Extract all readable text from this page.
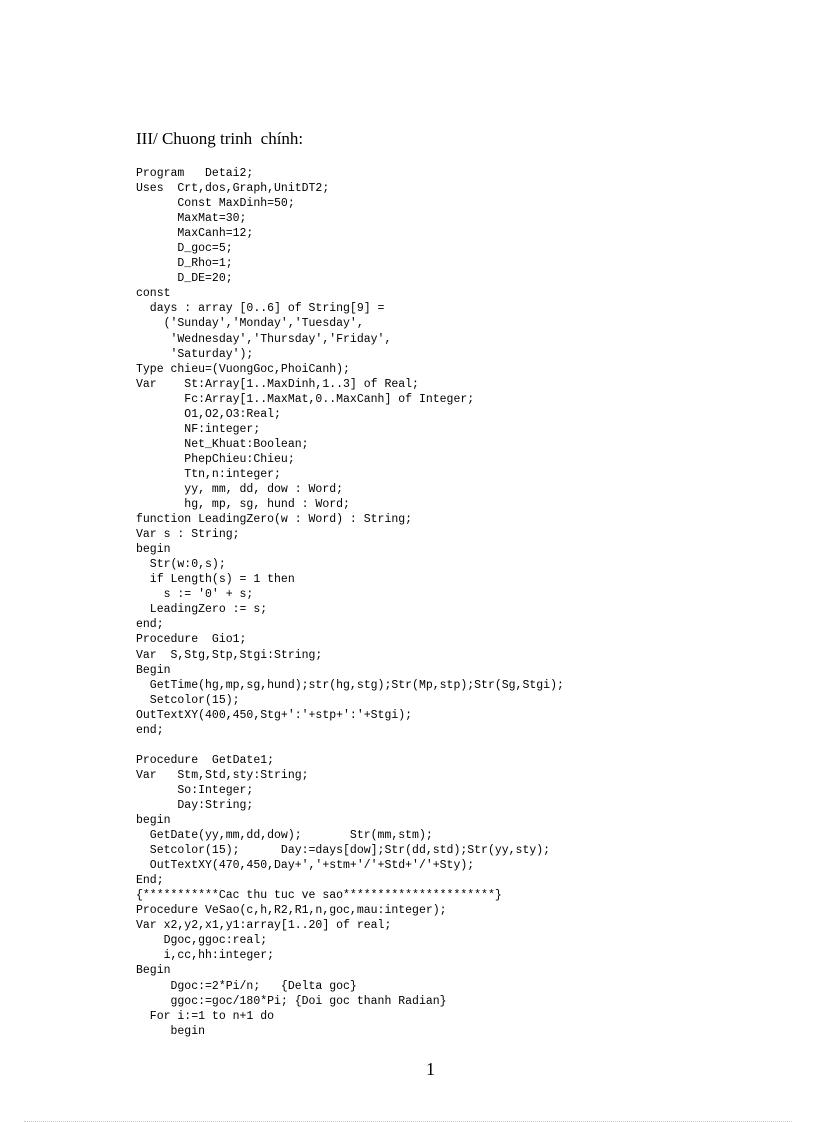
III/ Chuong trinh  chính:
Program   Detai2;
Uses  Crt,dos,Graph,UnitDT2;
Const MaxDinh=50;
MaxMat=30;
MaxCanh=12;
D_goc=5;
D_Rho=1;
D_DE=20;
const
days : array [0..6] of String[9] =
('Sunday','Monday','Tuesday',
'Wednesday','Thursday','Friday',
'Saturday');
Type chieu=(VuongGoc,PhoiCanh);
Var    St:Array[1..MaxDinh,1..3] of Real;
Fc:Array[1..MaxMat,0..MaxCanh] of Integer;
O1,O2,O3:Real;
NF:integer;
Net_Khuat:Boolean;
PhepChieu:Chieu;
Ttn,n:integer;
yy, mm, dd, dow : Word;
hg, mp, sg, hund : Word;
function LeadingZero(w : Word) : String;
Var s : String;
begin
Str(w:0,s);
if Length(s) = 1 then
s := '0' + s;
LeadingZero := s;
end;
Procedure  Gio1;
Var  S,Stg,Stp,Stgi:String;
Begin
GetTime(hg,mp,sg,hund);str(hg,stg);Str(Mp,stp);Str(Sg,Stgi);
Setcolor(15);
OutTextXY(400,450,Stg+':'+stp+':'+Stgi);
end;
Procedure  GetDate1;
Var   Stm,Std,sty:String;
So:Integer;
Day:String;
begin
GetDate(yy,mm,dd,dow);       Str(mm,stm);
Setcolor(15);      Day:=days[dow];Str(dd,std);Str(yy,sty);
OutTextXY(470,450,Day+','+stm+'/'+Std+'/'+Sty);
End;
{***********Cac thu tuc ve sao**********************}
Procedure VeSao(c,h,R2,R1,n,goc,mau:integer);
Var x2,y2,x1,y1:array[1..20] of real;
Dgoc,ggoc:real;
i,cc,hh:integer;
Begin
Dgoc:=2*Pi/n;   {Delta goc}
ggoc:=goc/180*Pi; {Doi goc thanh Radian}
For i:=1 to n+1 do
begin
1
